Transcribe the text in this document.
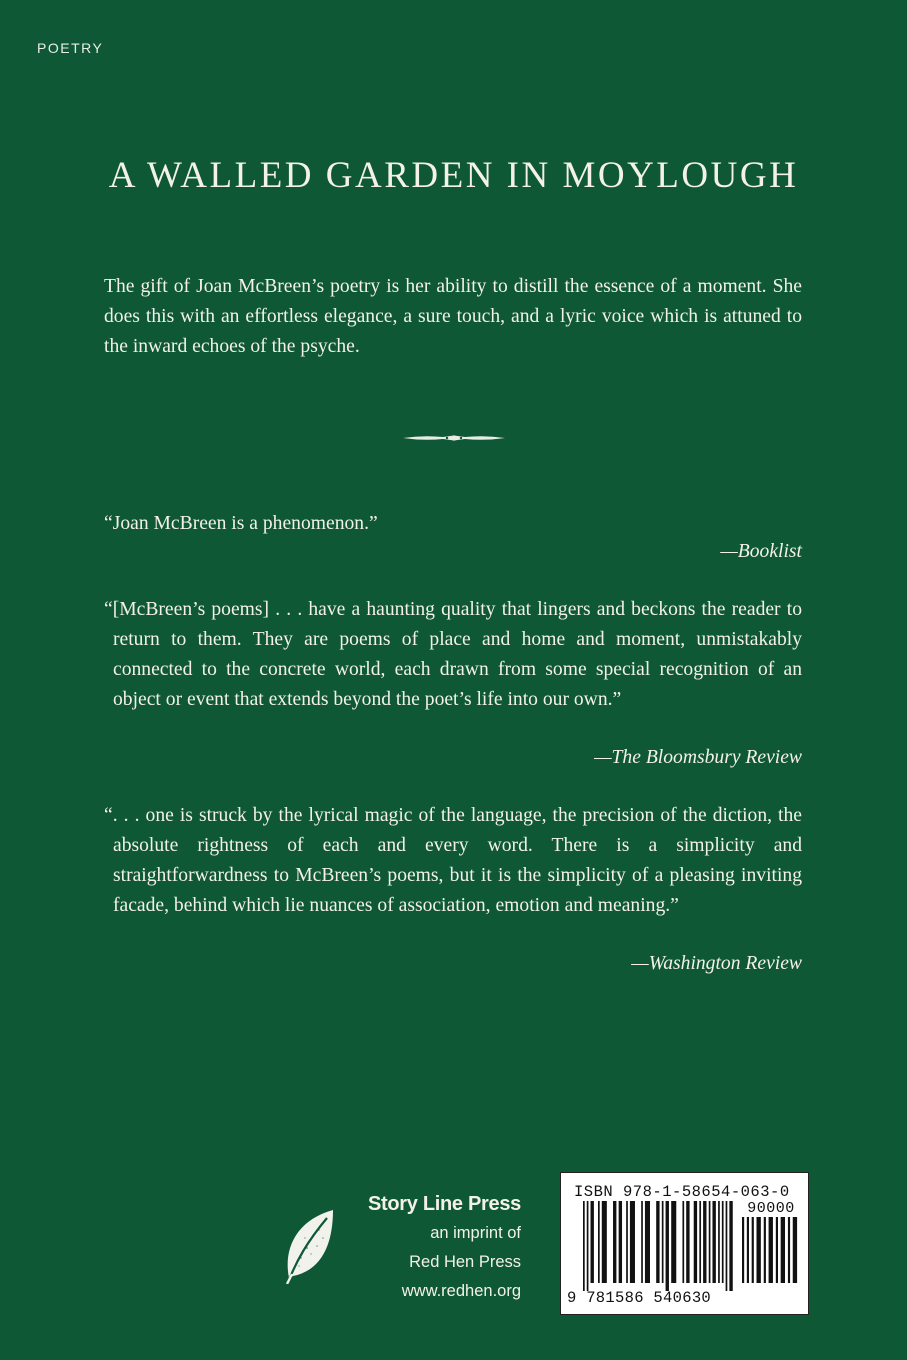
POETRY
A WALLED GARDEN IN MOYLOUGH

The gift of Joan McBreen’s poetry is her ability to distill the essence of a moment. She does this with an effortless elegance, a sure touch, and a lyric voice which is attuned to the inward echoes of the psyche.

“Joan McBreen is a phenomenon.”

—Booklist

“[McBreen’s poems] . . . have a haunting quality that lingers and beckons the reader to return to them. They are poems of place and home and moment, unmistakably connected to the concrete world, each drawn from some special recognition of an object or event that extends beyond the poet’s life into our own.”

—The Bloomsbury Review

“. . . one is struck by the lyrical magic of the language, the precision of the diction, the absolute rightness of each and every word. There is a simplicity and straightforwardness to McBreen’s poems, but it is the simplicity of a pleasing inviting facade, behind which lie nuances of association, emotion and meaning.”

—Washington Review
Story Line Press
an imprint of
Red Hen Press
www.redhen.org
ISBN 978-1-58654-063-0
90000
9 781586 540630
